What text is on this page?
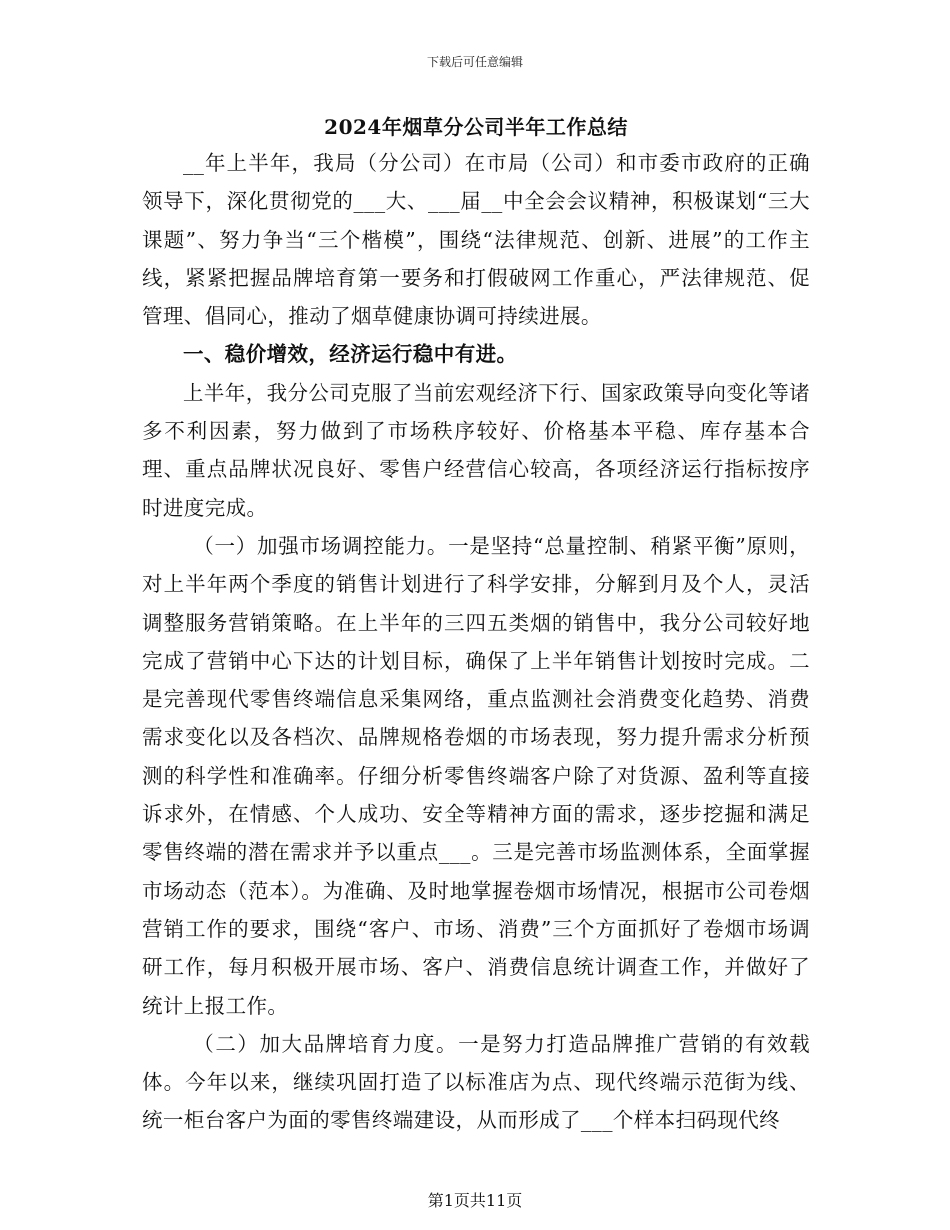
下载后可任意编辑
2024年烟草分公司半年工作总结

__年上半年，我局（分公司）在市局（公司）和市委市政府的正确领导下，深化贯彻党的___大、___届__中全会会议精神，积极谋划“三大课题”、努力争当“三个楷模”，围绕“法律规范、创新、进展”的工作主线，紧紧把握品牌培育第一要务和打假破网工作重心，严法律规范、促管理、倡同心，推动了烟草健康协调可持续进展。

一、稳价增效，经济运行稳中有进。

上半年，我分公司克服了当前宏观经济下行、国家政策导向变化等诸多不利因素，努力做到了市场秩序较好、价格基本平稳、库存基本合理、重点品牌状况良好、零售户经营信心较高，各项经济运行指标按序时进度完成。

（一）加强市场调控能力。一是坚持“总量控制、稍紧平衡”原则，对上半年两个季度的销售计划进行了科学安排，分解到月及个人，灵活调整服务营销策略。在上半年的三四五类烟的销售中，我分公司较好地完成了营销中心下达的计划目标，确保了上半年销售计划按时完成。二是完善现代零售终端信息采集网络，重点监测社会消费变化趋势、消费需求变化以及各档次、品牌规格卷烟的市场表现，努力提升需求分析预测的科学性和准确率。仔细分析零售终端客户除了对货源、盈利等直接诉求外，在情感、个人成功、安全等精神方面的需求，逐步挖掘和满足零售终端的潜在需求并予以重点___。三是完善市场监测体系，全面掌握市场动态（范本）。为准确、及时地掌握卷烟市场情况，根据市公司卷烟营销工作的要求，围绕“客户、市场、消费”三个方面抓好了卷烟市场调研工作，每月积极开展市场、客户、消费信息统计调查工作，并做好了统计上报工作。

（二）加大品牌培育力度。一是努力打造品牌推广营销的有效载体。今年以来，继续巩固打造了以标准店为点、现代终端示范街为线、统一柜台客户为面的零售终端建设，从而形成了___个样本扫码现代终

第1页共11页
